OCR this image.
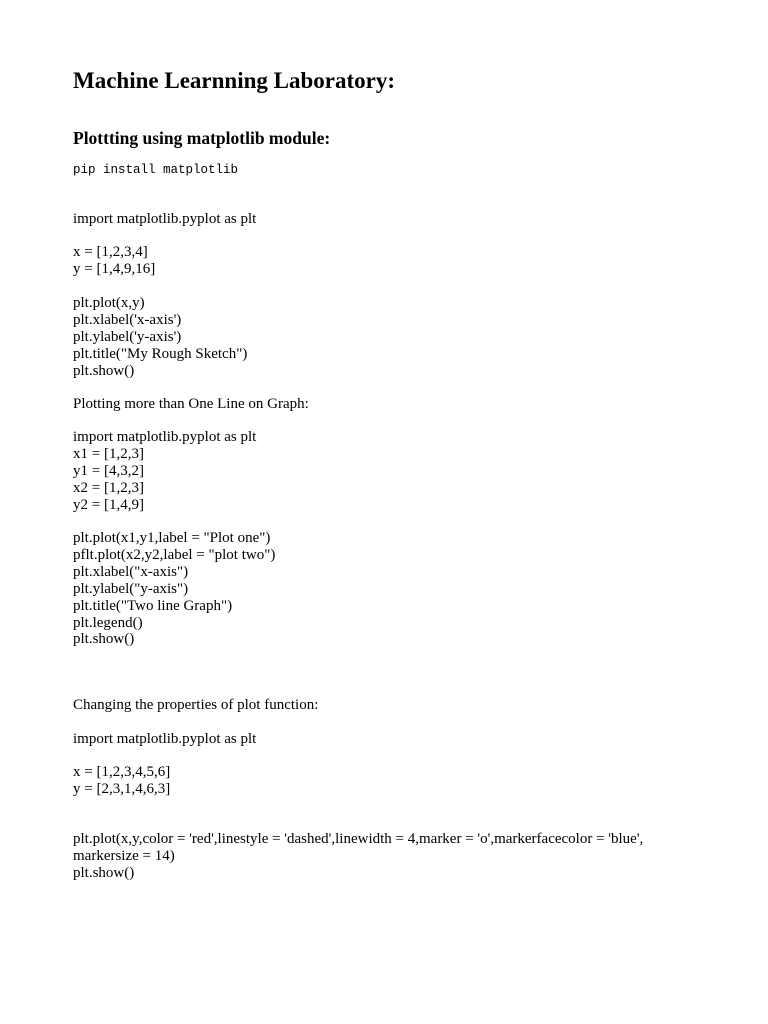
Machine Learnning Laboratory:
Plottting using matplotlib module:
pip install matplotlib
import matplotlib.pyplot as plt
x = [1,2,3,4]
y = [1,4,9,16]
plt.plot(x,y)
plt.xlabel('x-axis')
plt.ylabel('y-axis')
plt.title("My Rough Sketch")
plt.show()
Plotting more than One Line on Graph:
import matplotlib.pyplot as plt
x1 = [1,2,3]
y1 = [4,3,2]
x2 = [1,2,3]
y2 = [1,4,9]
plt.plot(x1,y1,label = "Plot one")
pflt.plot(x2,y2,label = "plot two")
plt.xlabel("x-axis")
plt.ylabel("y-axis")
plt.title("Two line Graph")
plt.legend()
plt.show()
Changing the properties of plot function:
import matplotlib.pyplot as plt
x = [1,2,3,4,5,6]
y = [2,3,1,4,6,3]
plt.plot(x,y,color = 'red',linestyle = 'dashed',linewidth = 4,marker = 'o',markerfacecolor = 'blue', markersize = 14)
plt.show()
